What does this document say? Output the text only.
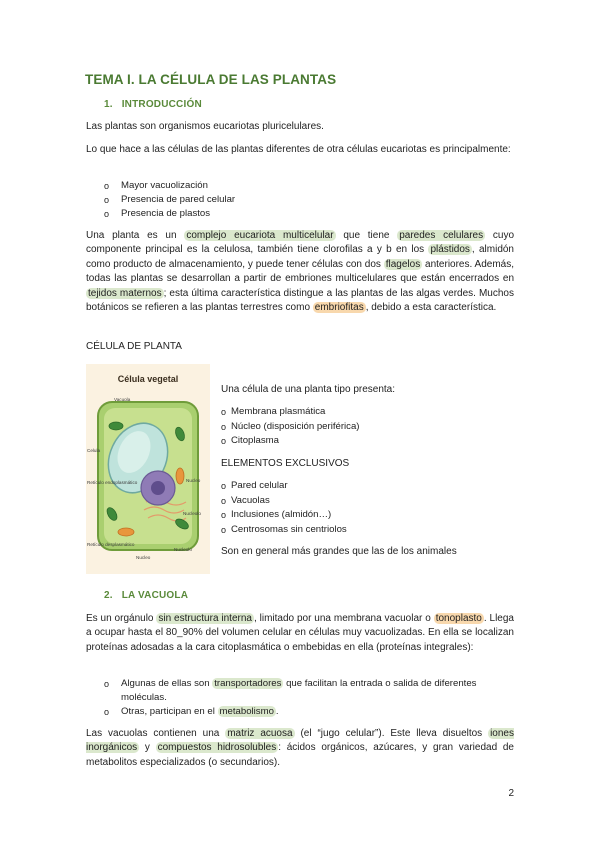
TEMA I. LA CÉLULA DE LAS PLANTAS
1. INTRODUCCIÓN
Las plantas son organismos eucariotas pluricelulares.
Lo que hace a las células de las plantas diferentes de otra células eucariotas es principalmente:
o Mayor vacuolización
o Presencia de pared celular
o Presencia de plastos
Una planta es un complejo eucariota multicelular que tiene paredes celulares cuyo componente principal es la celulosa, también tiene clorofilas a y b en los plástidos , almidón como producto de almacenamiento, y puede tener células con dos flagelos anteriores. Además, todas las plantas se desarrollan a partir de embriones multicelulares que están encerrados en tejidos maternos ; esta última característica distingue a las plantas de las algas verdes. Muchos botánicos se refieren a las plantas terrestres como embriofitas , debido a esta característica.
CÉLULA DE PLANTA
Célula vegetal
Vacuola
Celula
Retículo endoplasmático	Nucleo
Nucleolo
Retículo desplasmático
Nucleolo
Nucleo
Una célula de una planta tipo presenta:
o Membrana plasmática
o Núcleo (disposición periférica)
o Citoplasma
ELEMENTOS EXCLUSIVOS
o Pared celular
o Vacuolas
o Inclusiones (almidón…)
o Centrosomas sin centriolos
Son en general más grandes que las de los animales
2. LA VACUOLA
Es un orgánulo sin estructura interna , limitado por una membrana vacuolar o tonoplasto . Llega a ocupar hasta el 80_90% del volumen celular en células muy vacuolizadas. En ella se localizan proteínas adosadas a la cara citoplasmática o embebidas en ella (proteínas integrales):
o Algunas de ellas son transportadores que facilitan la entrada o salida de diferentes moléculas.
o Otras, participan en el metabolismo .
Las vacuolas contienen una matriz acuosa (el “jugo celular”). Este lleva disueltos iones inorgánicos y compuestos hidrosolubles : ácidos orgánicos, azúcares, y gran variedad de metabolitos especializados (o secundarios).
2
